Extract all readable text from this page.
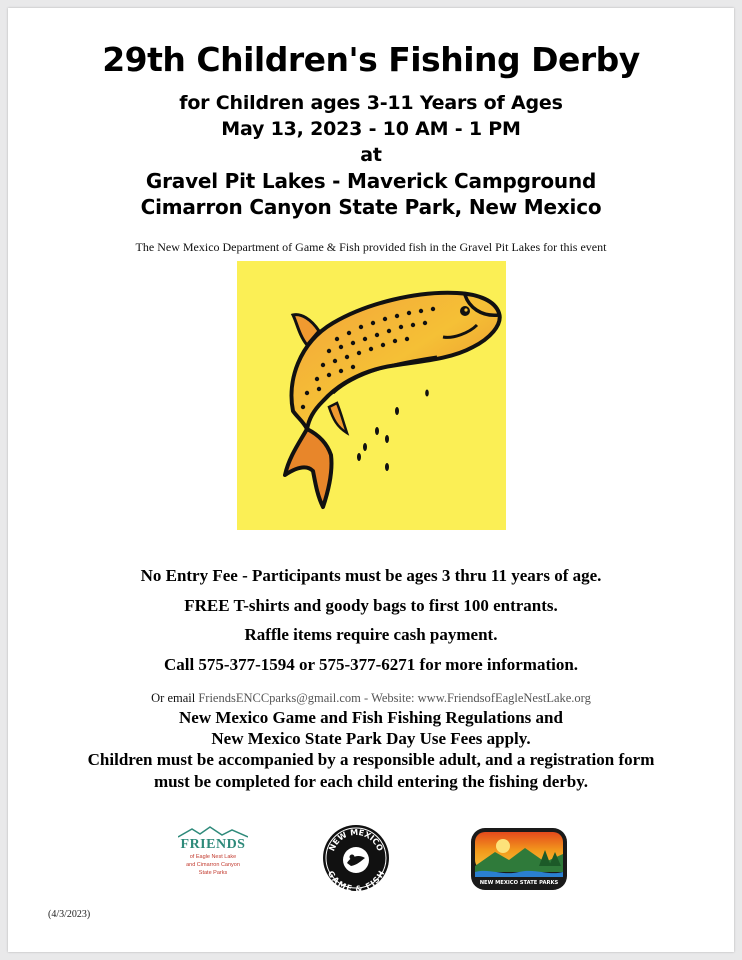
29th Children's Fishing Derby
for Children ages 3-11 Years of Ages
May 13, 2023 - 10 AM - 1 PM
at
Gravel Pit Lakes - Maverick Campground
Cimarron Canyon State Park, New Mexico
The New Mexico Department of Game & Fish provided fish in the Gravel Pit Lakes for this event
No Entry Fee - Participants must be ages 3 thru 11 years of age.
FREE T-shirts and goody bags to first 100 entrants.
Raffle items require cash payment.
Call 575-377-1594 or 575-377-6271 for more information.
Or email FriendsENCCparks@gmail.com - Website: www.FriendsofEagleNestLake.org
New Mexico Game and Fish Fishing Regulations and
New Mexico State Park Day Use Fees apply.
Children must be accompanied by a responsible adult, and a registration form
must be completed for each child entering the fishing derby.
FRIENDS
of Eagle Nest Lake
and Cimarron Canyon
State Parks
NEW MEXICO
GAME & FISH
NEW MEXICO STATE PARKS
(4/3/2023)
